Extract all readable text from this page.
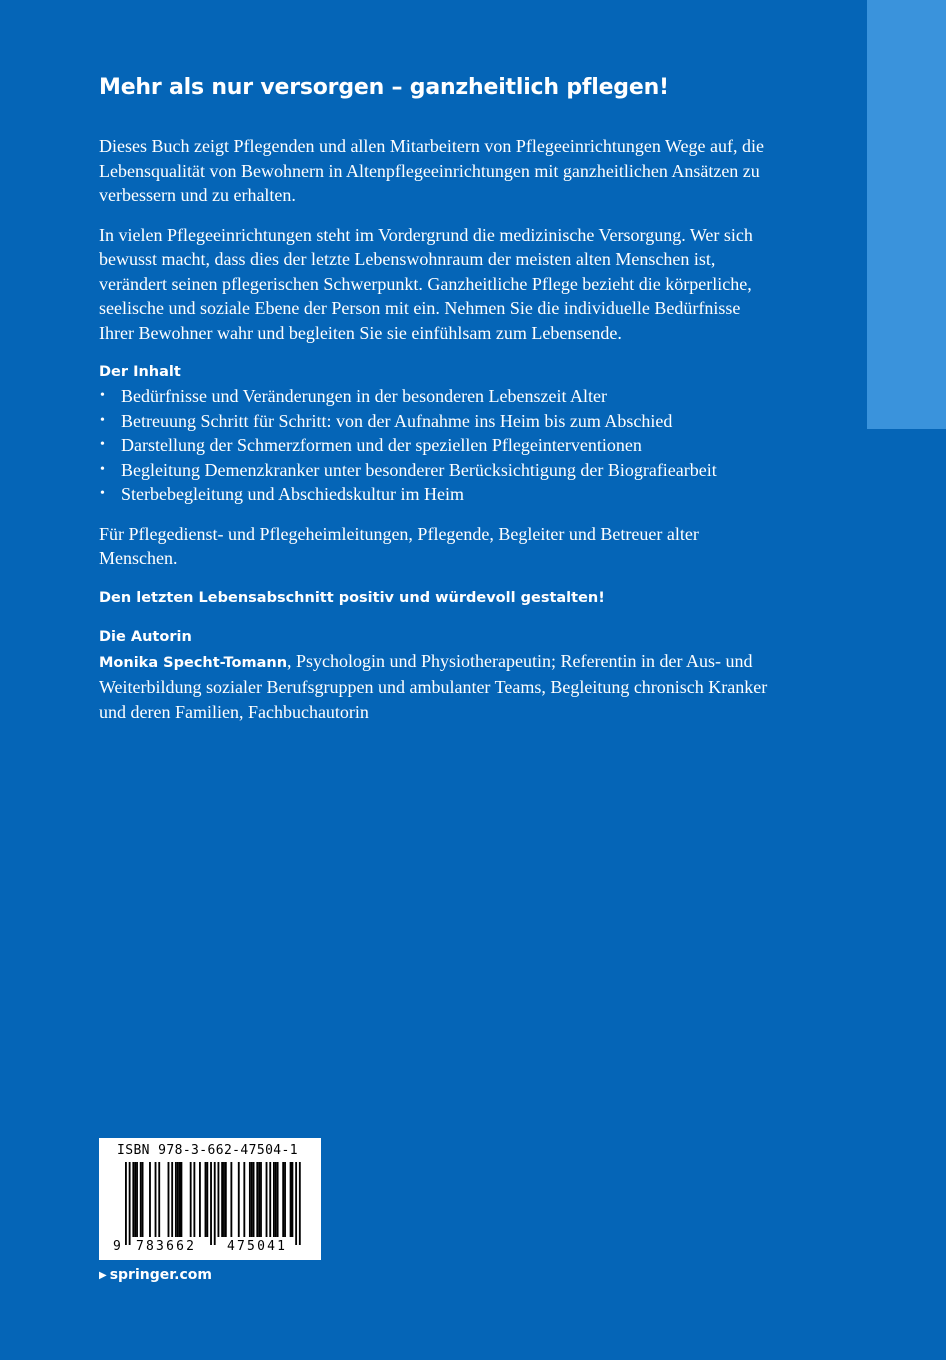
Mehr als nur versorgen – ganzheitlich pflegen!

Dieses Buch zeigt Pflegenden und allen Mitarbeitern von Pflegeeinrichtungen Wege auf, die Lebensqualität von Bewohnern in Altenpflegeeinrichtungen mit ganzheitlichen Ansätzen zu verbessern und zu erhalten.

In vielen Pflegeeinrichtungen steht im Vordergrund die medizinische Versorgung. Wer sich bewusst macht, dass dies der letzte Lebenswohnraum der meisten alten Menschen ist, verändert seinen pflegerischen Schwerpunkt. Ganzheitliche Pflege bezieht die körperliche, seelische und soziale Ebene der Person mit ein. Nehmen Sie die individuelle Bedürfnisse Ihrer Bewohner wahr und begleiten Sie sie einfühlsam zum Lebensende.

Der Inhalt

• Bedürfnisse und Veränderungen in der besonderen Lebenszeit Alter
• Betreuung Schritt für Schritt: von der Aufnahme ins Heim bis zum Abschied
• Darstellung der Schmerzformen und der speziellen Pflegeinterventionen
• Begleitung Demenzkranker unter besonderer Berücksichtigung der Biografiearbeit
• Sterbebegleitung und Abschiedskultur im Heim

Für Pflegedienst- und Pflegeheimleitungen, Pflegende, Begleiter und Betreuer alter Menschen.

Den letzten Lebensabschnitt positiv und würdevoll gestalten!

Die Autorin

Monika Specht-Tomann, Psychologin und Physiotherapeutin; Referentin in der Aus- und Weiterbildung sozialer Berufsgruppen und ambulanter Teams, Begleitung chronisch Kranker und deren Familien, Fachbuchautorin

ISBN 978-3-662-47504-1
9 783662 475041
▶ springer.com
